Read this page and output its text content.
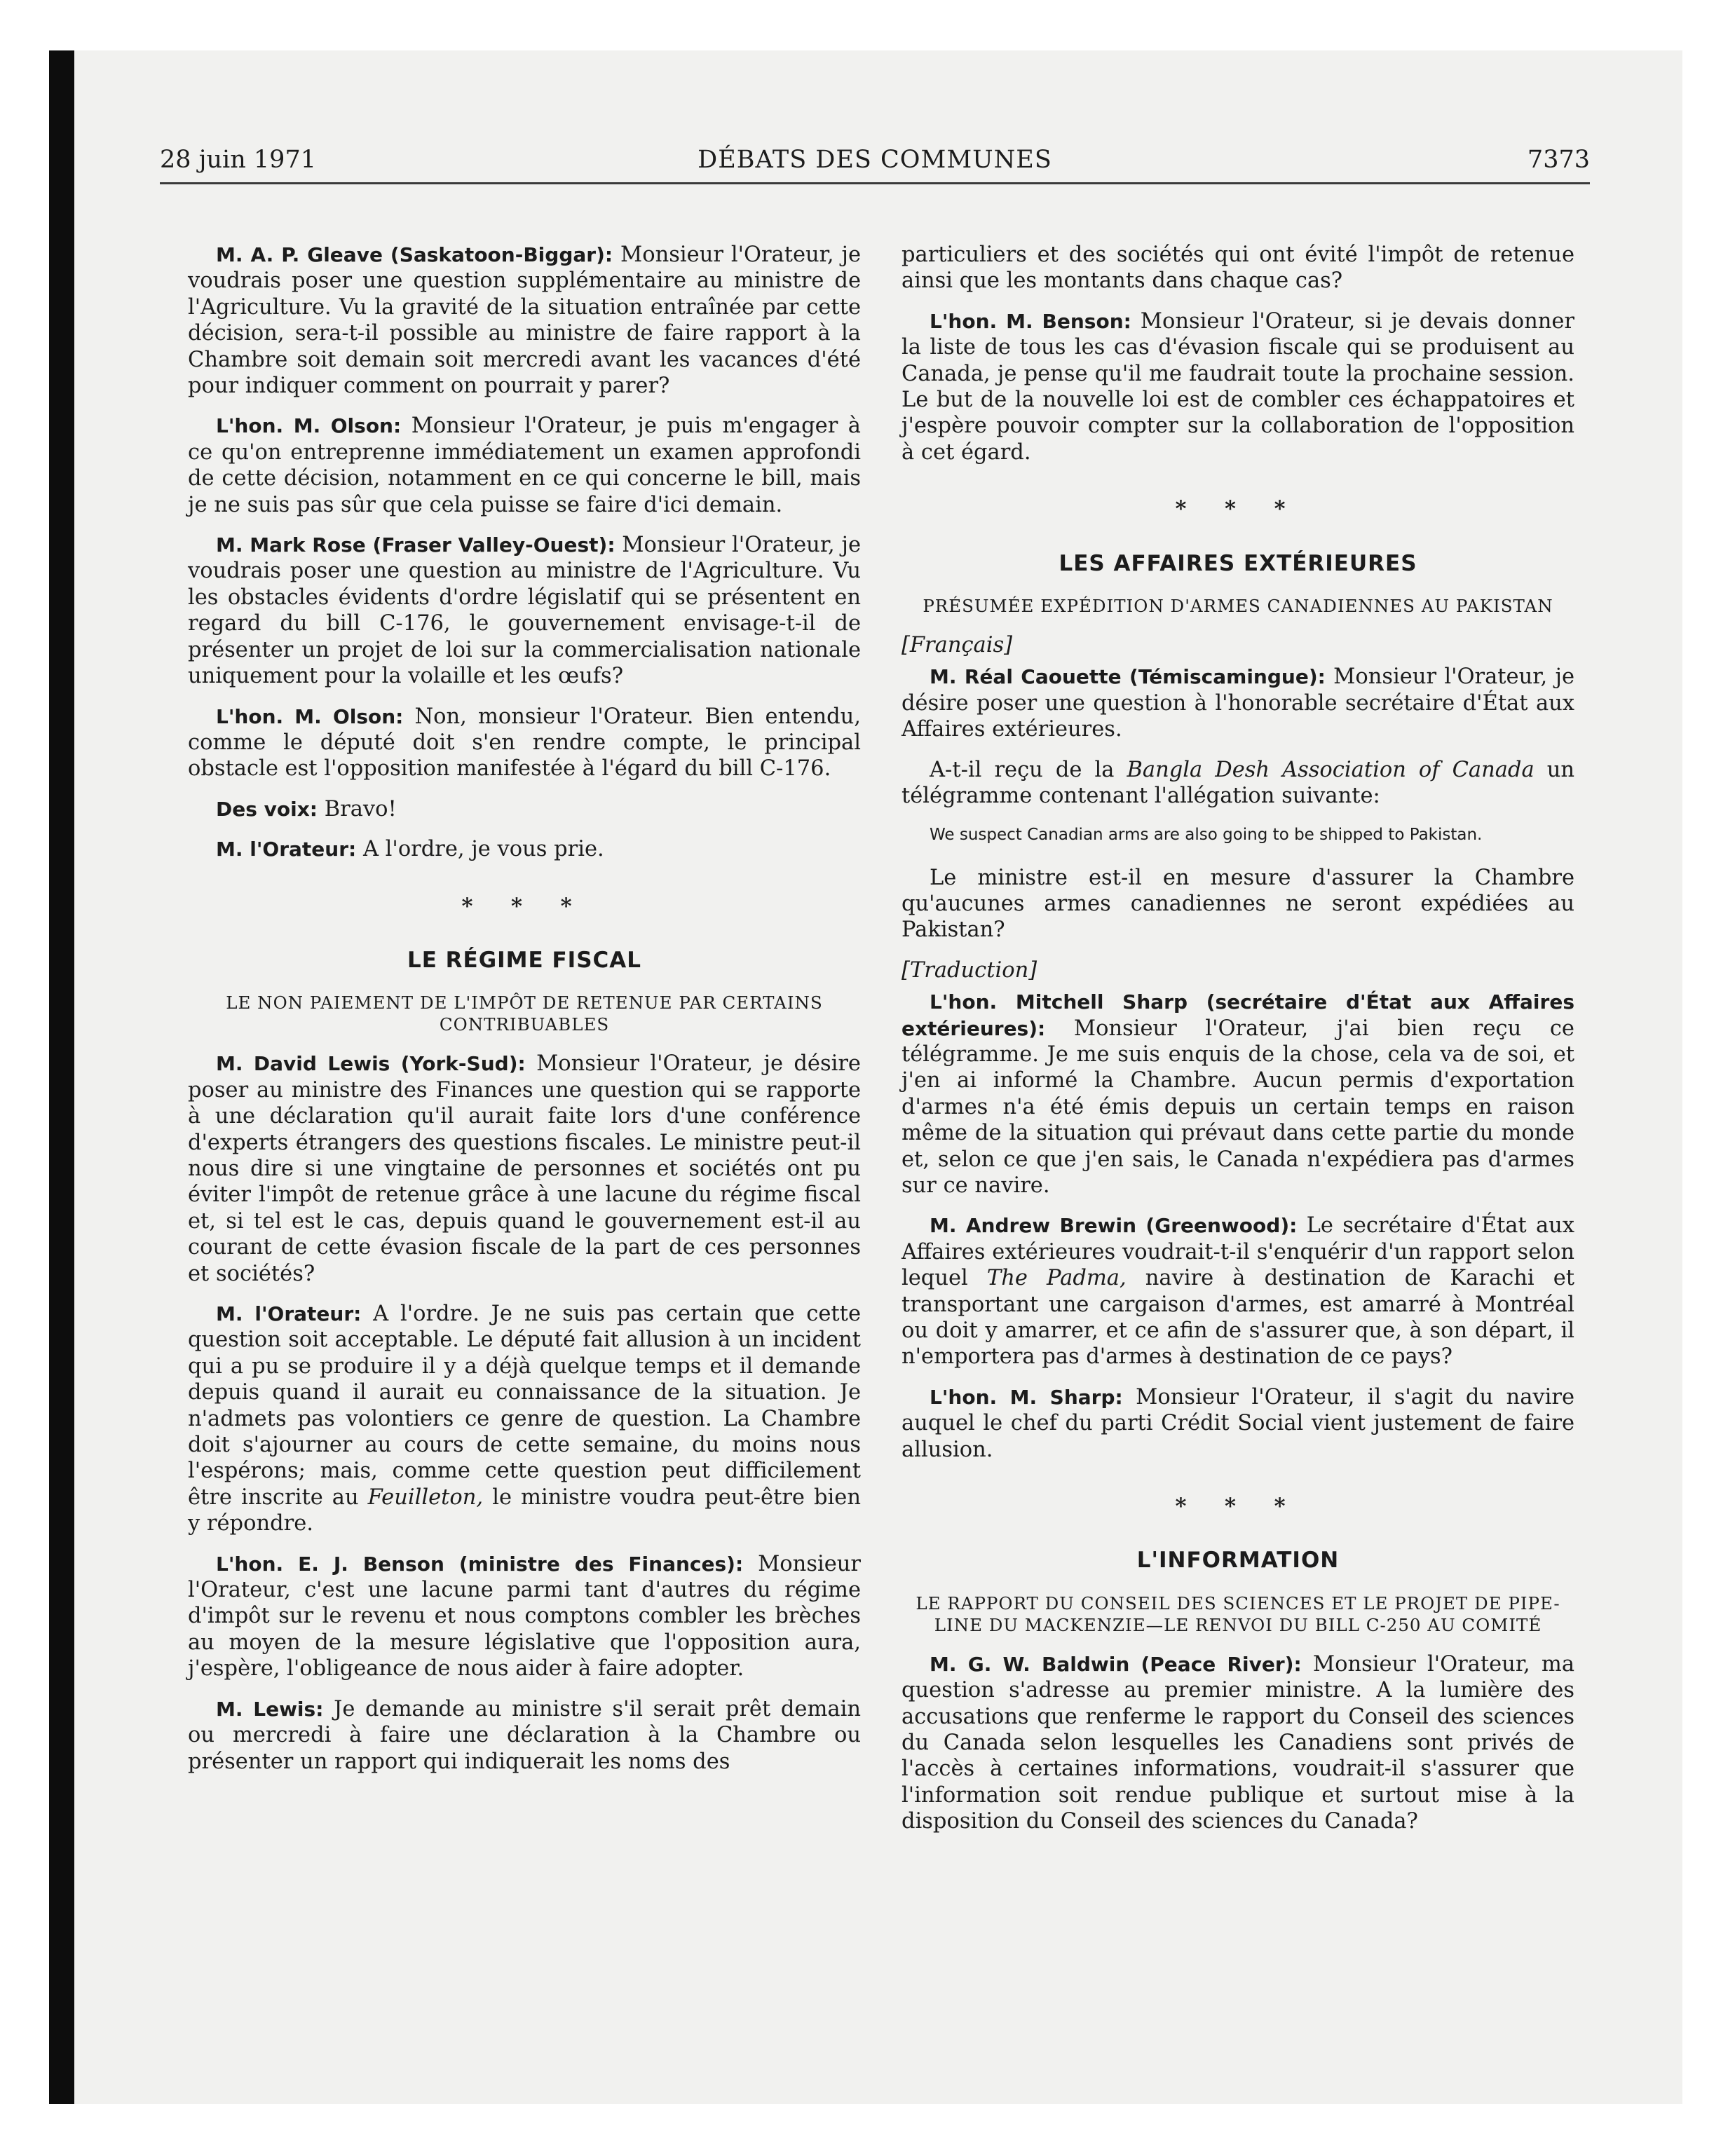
28 juin 1971	DÉBATS DES COMMUNES	7373

M. A. P. Gleave (Saskatoon-Biggar): Monsieur l'Orateur, je voudrais poser une question supplémentaire au ministre de l'Agriculture. Vu la gravité de la situation entraînée par cette décision, sera-t-il possible au ministre de faire rapport à la Chambre soit demain soit mercredi avant les vacances d'été pour indiquer comment on pourrait y parer?

L'hon. M. Olson: Monsieur l'Orateur, je puis m'engager à ce qu'on entreprenne immédiatement un examen approfondi de cette décision, notamment en ce qui concerne le bill, mais je ne suis pas sûr que cela puisse se faire d'ici demain.

M. Mark Rose (Fraser Valley-Ouest): Monsieur l'Orateur, je voudrais poser une question au ministre de l'Agriculture. Vu les obstacles évidents d'ordre législatif qui se présentent en regard du bill C-176, le gouvernement envisage-t-il de présenter un projet de loi sur la commercialisation nationale uniquement pour la volaille et les œufs?

L'hon. M. Olson: Non, monsieur l'Orateur. Bien entendu, comme le député doit s'en rendre compte, le principal obstacle est l'opposition manifestée à l'égard du bill C-176.

Des voix: Bravo!

M. l'Orateur: A l'ordre, je vous prie.

* * *
LE RÉGIME FISCAL
LE NON PAIEMENT DE L'IMPÔT DE RETENUE PAR CERTAINS CONTRIBUABLES

M. David Lewis (York-Sud): Monsieur l'Orateur, je désire poser au ministre des Finances une question qui se rapporte à une déclaration qu'il aurait faite lors d'une conférence d'experts étrangers des questions fiscales. Le ministre peut-il nous dire si une vingtaine de personnes et sociétés ont pu éviter l'impôt de retenue grâce à une lacune du régime fiscal et, si tel est le cas, depuis quand le gouvernement est-il au courant de cette évasion fiscale de la part de ces personnes et sociétés?

M. l'Orateur: A l'ordre. Je ne suis pas certain que cette question soit acceptable. Le député fait allusion à un incident qui a pu se produire il y a déjà quelque temps et il demande depuis quand il aurait eu connaissance de la situation. Je n'admets pas volontiers ce genre de question. La Chambre doit s'ajourner au cours de cette semaine, du moins nous l'espérons; mais, comme cette question peut difficilement être inscrite au Feuilleton, le ministre voudra peut-être bien y répondre.

L'hon. E. J. Benson (ministre des Finances): Monsieur l'Orateur, c'est une lacune parmi tant d'autres du régime d'impôt sur le revenu et nous comptons combler les brèches au moyen de la mesure législative que l'opposition aura, j'espère, l'obligeance de nous aider à faire adopter.

M. Lewis: Je demande au ministre s'il serait prêt demain ou mercredi à faire une déclaration à la Chambre ou présenter un rapport qui indiquerait les noms des

particuliers et des sociétés qui ont évité l'impôt de retenue ainsi que les montants dans chaque cas?

L'hon. M. Benson: Monsieur l'Orateur, si je devais donner la liste de tous les cas d'évasion fiscale qui se produisent au Canada, je pense qu'il me faudrait toute la prochaine session. Le but de la nouvelle loi est de combler ces échappatoires et j'espère pouvoir compter sur la collaboration de l'opposition à cet égard.

* * *
LES AFFAIRES EXTÉRIEURES
PRÉSUMÉE EXPÉDITION D'ARMES CANADIENNES AU PAKISTAN

[Français]

M. Réal Caouette (Témiscamingue): Monsieur l'Orateur, je désire poser une question à l'honorable secrétaire d'État aux Affaires extérieures.

A-t-il reçu de la Bangla Desh Association of Canada un télégramme contenant l'allégation suivante:

We suspect Canadian arms are also going to be shipped to Pakistan.

Le ministre est-il en mesure d'assurer la Chambre qu'aucunes armes canadiennes ne seront expédiées au Pakistan?

[Traduction]

L'hon. Mitchell Sharp (secrétaire d'État aux Affaires extérieures): Monsieur l'Orateur, j'ai bien reçu ce télégramme. Je me suis enquis de la chose, cela va de soi, et j'en ai informé la Chambre. Aucun permis d'exportation d'armes n'a été émis depuis un certain temps en raison même de la situation qui prévaut dans cette partie du monde et, selon ce que j'en sais, le Canada n'expédiera pas d'armes sur ce navire.

M. Andrew Brewin (Greenwood): Le secrétaire d'État aux Affaires extérieures voudrait-t-il s'enquérir d'un rapport selon lequel The Padma, navire à destination de Karachi et transportant une cargaison d'armes, est amarré à Montréal ou doit y amarrer, et ce afin de s'assurer que, à son départ, il n'emportera pas d'armes à destination de ce pays?

L'hon. M. Sharp: Monsieur l'Orateur, il s'agit du navire auquel le chef du parti Crédit Social vient justement de faire allusion.

* * *
L'INFORMATION
LE RAPPORT DU CONSEIL DES SCIENCES ET LE PROJET DE PIPE-LINE DU MACKENZIE—LE RENVOI DU BILL C-250 AU COMITÉ

M. G. W. Baldwin (Peace River): Monsieur l'Orateur, ma question s'adresse au premier ministre. A la lumière des accusations que renferme le rapport du Conseil des sciences du Canada selon lesquelles les Canadiens sont privés de l'accès à certaines informations, voudrait-il s'assurer que l'information soit rendue publique et surtout mise à la disposition du Conseil des sciences du Canada?
